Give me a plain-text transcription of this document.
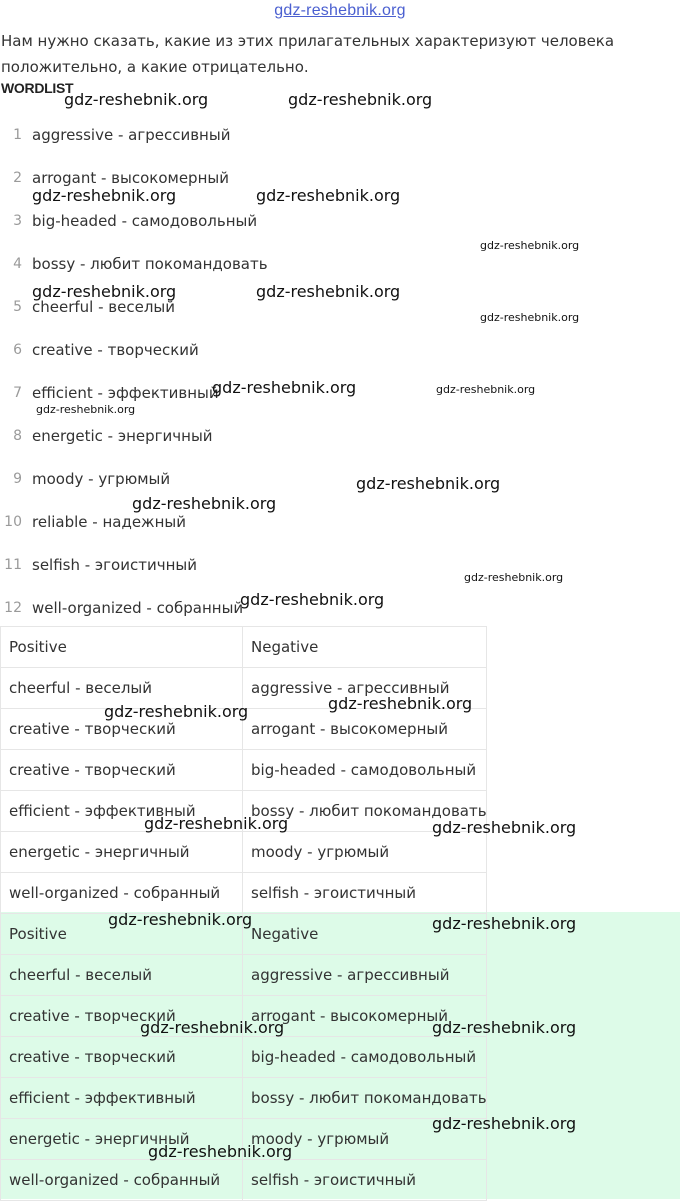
gdz-reshebnik.org
Нам нужно сказать, какие из этих прилагательных характеризуют человека положительно, а какие отрицательно.
WORDLIST
1 aggressive - агрессивный
2 arrogant - высокомерный
3 big-headed - самодовольный
4 bossy - любит покомандовать
5 cheerful - веселый
6 creative - творческий
7 efficient - эффективный
8 energetic - энергичный
9 moody - угрюмый
10 reliable - надежный
11 selfish - эгоистичный
12 well-organized - собранный
Positive	Negative
cheerful - веселый	aggressive - агрессивный
creative - творческий	arrogant - высокомерный
creative - творческий	big-headed - самодовольный
efficient - эффективный	bossy - любит покомандовать
energetic - энергичный	moody - угрюмый
well-organized - собранный	selfish - эгоистичный
Positive	Negative
cheerful - веселый	aggressive - агрессивный
creative - творческий	arrogant - высокомерный
creative - творческий	big-headed - самодовольный
efficient - эффективный	bossy - любит покомандовать
energetic - энергичный	moody - угрюмый
well-organized - собранный	selfish - эгоистичный
gdz-reshebnik.org	gdz-reshebnik.org
gdz-reshebnik.org	gdz-reshebnik.org
gdz-reshebnik.org
gdz-reshebnik.org	gdz-reshebnik.org
gdz-reshebnik.org
gdz-reshebnik.org	gdz-reshebnik.org
gdz-reshebnik.org
gdz-reshebnik.org
gdz-reshebnik.org
gdz-reshebnik.org
gdz-reshebnik.org
gdz-reshebnik.org
gdz-reshebnik.org
gdz-reshebnik.org	gdz-reshebnik.org
gdz-reshebnik.org	gdz-reshebnik.org
gdz-reshebnik.org	gdz-reshebnik.org
gdz-reshebnik.org
gdz-reshebnik.org
